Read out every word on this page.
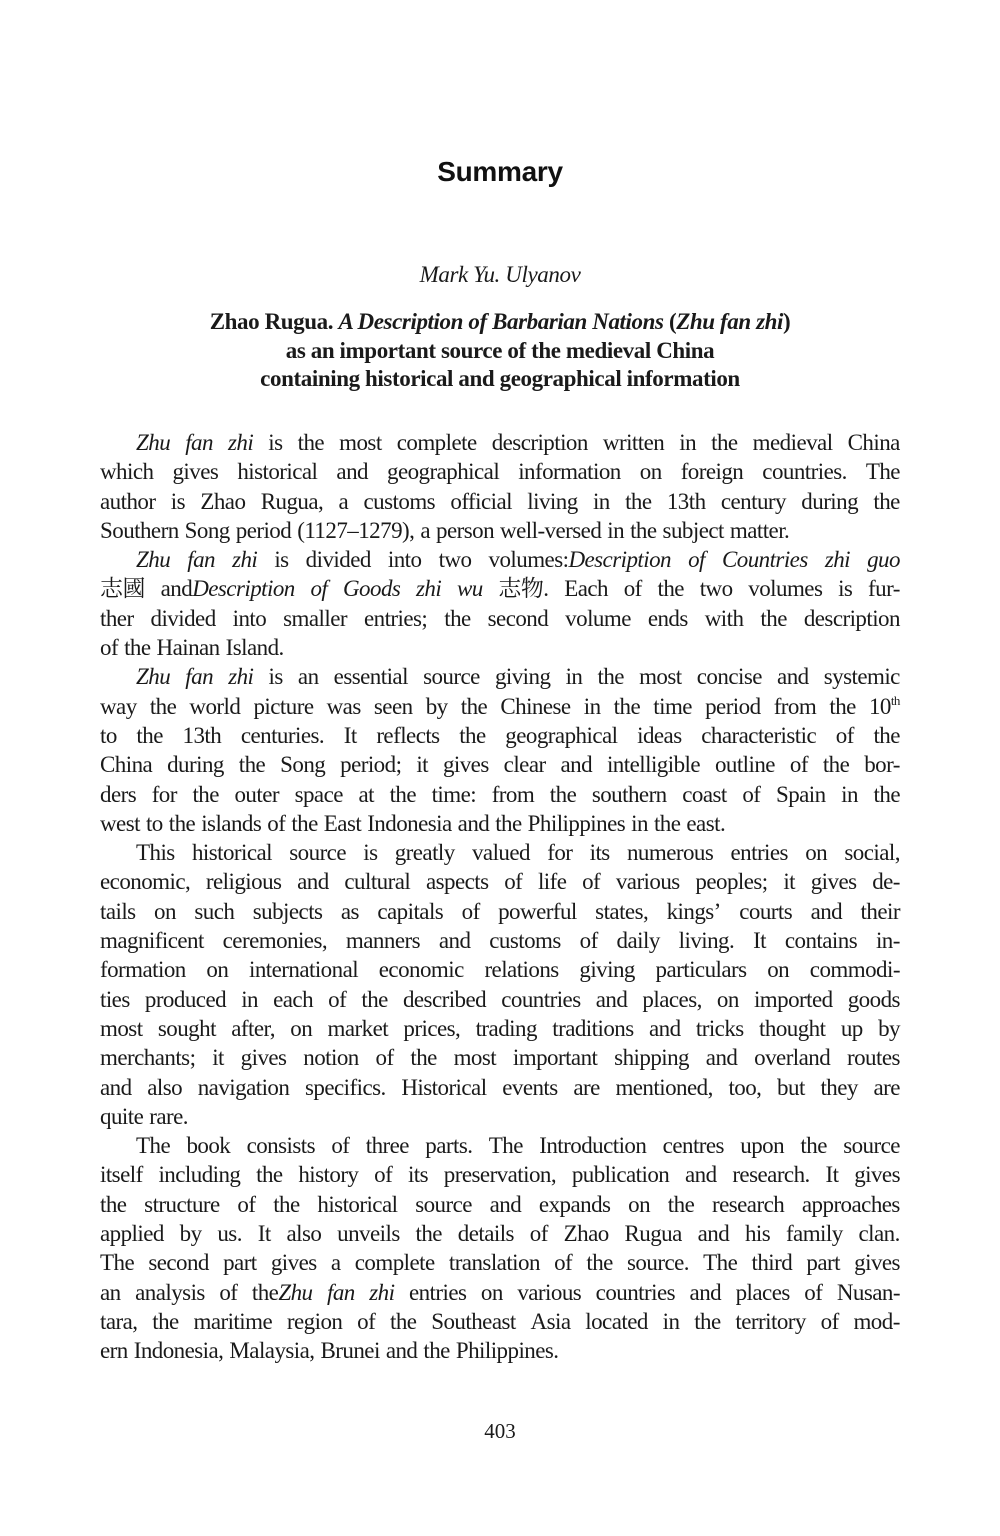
Summary
Mark Yu. Ulyanov
Zhao Rugua. A Description of Barbarian Nations (Zhu fan zhi)
as an important source of the medieval China
containing historical and geographical information
Zhu fan zhi is the most complete description written in the medieval China
which gives historical and geographical information on foreign countries. The
author is Zhao Rugua, a customs official living in the 13th century during the
Southern Song period (1127–1279), a person well-versed in the subject matter.
Zhu fan zhi is divided into two volumes:Description of Countries zhi guo
志國 andDescription of Goods zhi wu 志物. Each of the two volumes is fur-
ther divided into smaller entries; the second volume ends with the description
of the Hainan Island.
Zhu fan zhi is an essential source giving in the most concise and systemic
way the world picture was seen by the Chinese in the time period from the 10th
to the 13th centuries. It reflects the geographical ideas characteristic of the
China during the Song period; it gives clear and intelligible outline of the bor-
ders for the outer space at the time: from the southern coast of Spain in the
west to the islands of the East Indonesia and the Philippines in the east.
This historical source is greatly valued for its numerous entries on social,
economic, religious and cultural aspects of life of various peoples; it gives de-
tails on such subjects as capitals of powerful states, kings’ courts and their
magnificent ceremonies, manners and customs of daily living. It contains in-
formation on international economic relations giving particulars on commodi-
ties produced in each of the described countries and places, on imported goods
most sought after, on market prices, trading traditions and tricks thought up by
merchants; it gives notion of the most important shipping and overland routes
and also navigation specifics. Historical events are mentioned, too, but they are
quite rare.
The book consists of three parts. The Introduction centres upon the source
itself including the history of its preservation, publication and research. It gives
the structure of the historical source and expands on the research approaches
applied by us. It also unveils the details of Zhao Rugua and his family clan.
The second part gives a complete translation of the source. The third part gives
an analysis of theZhu fan zhi entries on various countries and places of Nusan-
tara, the maritime region of the Southeast Asia located in the territory of mod-
ern Indonesia, Malaysia, Brunei and the Philippines.
403
